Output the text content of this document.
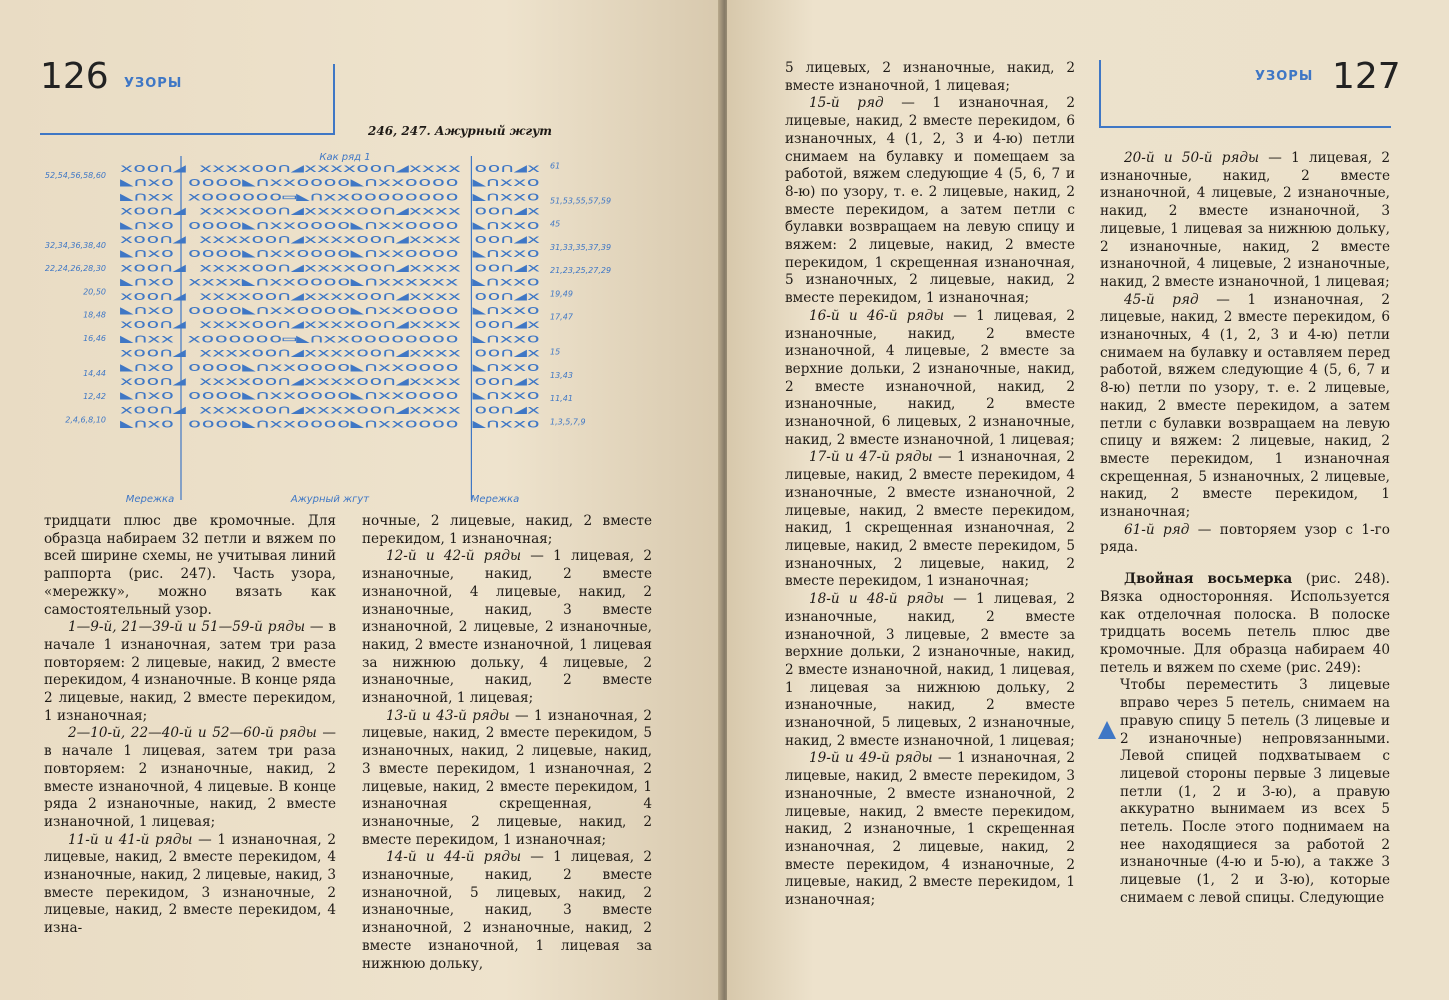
126 УЗОРЫ
246, 247. Ажурный жгут
ⅹoo∩◢ ⅹⅹⅹⅹoo∩◢ⅹⅹⅹⅹoo∩◢ⅹⅹⅹⅹ oo∩◢ⅹ
◣∩ⅹo oooo◣∩ⅹⅹoooo◣∩ⅹⅹoooo ◣∩ⅹⅹo
◣∩ⅹⅹ ⅹoooooo▭◣∩ⅹⅹoooooooo ◣∩ⅹⅹo
ⅹoo∩◢ ⅹⅹⅹⅹoo∩◢ⅹⅹⅹⅹoo∩◢ⅹⅹⅹⅹ oo∩◢ⅹ
◣∩ⅹo oooo◣∩ⅹⅹoooo◣∩ⅹⅹoooo ◣∩ⅹⅹo
ⅹoo∩◢ ⅹⅹⅹⅹoo∩◢ⅹⅹⅹⅹoo∩◢ⅹⅹⅹⅹ oo∩◢ⅹ
◣∩ⅹo oooo◣∩ⅹⅹoooo◣∩ⅹⅹoooo ◣∩ⅹⅹo
ⅹoo∩◢ ⅹⅹⅹⅹoo∩◢ⅹⅹⅹⅹoo∩◢ⅹⅹⅹⅹ oo∩◢ⅹ
◣∩ⅹo ⅹⅹⅹⅹ◣∩ⅹⅹoooo◣∩ⅹⅹⅹⅹⅹⅹ ◣∩ⅹⅹo
ⅹoo∩◢ ⅹⅹⅹⅹoo∩◢ⅹⅹⅹⅹoo∩◢ⅹⅹⅹⅹ oo∩◢ⅹ
◣∩ⅹo oooo◣∩ⅹⅹoooo◣∩ⅹⅹoooo ◣∩ⅹⅹo
ⅹoo∩◢ ⅹⅹⅹⅹoo∩◢ⅹⅹⅹⅹoo∩◢ⅹⅹⅹⅹ oo∩◢ⅹ
◣∩ⅹⅹ ⅹoooooo▭◣∩ⅹⅹoooooooo ◣∩ⅹⅹo
ⅹoo∩◢ ⅹⅹⅹⅹoo∩◢ⅹⅹⅹⅹoo∩◢ⅹⅹⅹⅹ oo∩◢ⅹ
◣∩ⅹo oooo◣∩ⅹⅹoooo◣∩ⅹⅹoooo ◣∩ⅹⅹo
ⅹoo∩◢ ⅹⅹⅹⅹoo∩◢ⅹⅹⅹⅹoo∩◢ⅹⅹⅹⅹ oo∩◢ⅹ
◣∩ⅹo oooo◣∩ⅹⅹoooo◣∩ⅹⅹoooo ◣∩ⅹⅹo
ⅹoo∩◢ ⅹⅹⅹⅹoo∩◢ⅹⅹⅹⅹoo∩◢ⅹⅹⅹⅹ oo∩◢ⅹ
◣∩ⅹo oooo◣∩ⅹⅹoooo◣∩ⅹⅹoooo ◣∩ⅹⅹo
52,54,56,58,60
32,34,36,38,40
22,24,26,28,30
20,50
18,48
16,46
14,44
12,42
2,4,6,8,10
61
51,53,55,57,59
45
31,33,35,37,39
21,23,25,27,29
19,49
17,47
15
13,43
11,41
1,3,5,7,9
Как ряд 1
Мережка	Ажурный жгут	Мережка

тридцати плюс две кромочные. Для образца набираем 32 петли и вяжем по всей ширине схемы, не учитывая линий раппорта (рис. 247). Часть узора, «мережку», можно вязать как самостоятельный узор.

1—9-й, 21—39-й и 51—59-й ряды — в начале 1 изнаночная, затем три раза повторяем: 2 лицевые, накид, 2 вместе перекидом, 4 изнаночные. В конце ряда 2 лицевые, накид, 2 вместе перекидом, 1 изнаночная;

2—10-й, 22—40-й и 52—60-й ряды — в начале 1 лицевая, затем три раза повторяем: 2 изнаночные, накид, 2 вместе изнаночной, 4 лицевые. В конце ряда 2 изнаночные, накид, 2 вместе изнаночной, 1 лицевая;

11-й и 41-й ряды — 1 изнаночная, 2 лицевые, накид, 2 вместе перекидом, 4 изнаночные, накид, 2 лицевые, накид, 3 вместе перекидом, 3 изнаночные, 2 лицевые, накид, 2 вместе перекидом, 4 изна-

ночные, 2 лицевые, накид, 2 вместе перекидом, 1 изнаночная;

12-й и 42-й ряды — 1 лицевая, 2 изнаночные, накид, 2 вместе изнаночной, 4 лицевые, накид, 2 изнаночные, накид, 3 вместе изнаночной, 2 лицевые, 2 изнаночные, накид, 2 вместе изнаночной, 1 лицевая за нижнюю дольку, 4 лицевые, 2 изнаночные, накид, 2 вместе изнаночной, 1 лицевая;

13-й и 43-й ряды — 1 изнаночная, 2 лицевые, накид, 2 вместе перекидом, 5 изнаночных, накид, 2 лицевые, накид, 3 вместе перекидом, 1 изнаночная, 2 лицевые, накид, 2 вместе перекидом, 1 изнаночная скрещенная, 4 изнаночные, 2 лицевые, накид, 2 вместе перекидом, 1 изнаночная;

14-й и 44-й ряды — 1 лицевая, 2 изнаночные, накид, 2 вместе изнаночной, 5 лицевых, накид, 2 изнаночные, накид, 3 вместе изнаночной, 2 изнаночные, накид, 2 вместе изнаночной, 1 лицевая за нижнюю дольку,

127
УЗОРЫ

5 лицевых, 2 изнаночные, накид, 2 вместе изнаночной, 1 лицевая;

15-й ряд — 1 изнаночная, 2 лицевые, накид, 2 вместе перекидом, 6 изнаночных, 4 (1, 2, 3 и 4-ю) петли снимаем на булавку и помещаем за работой, вяжем следующие 4 (5, 6, 7 и 8-ю) по узору, т. е. 2 лицевые, накид, 2 вместе перекидом, а затем петли с булавки возвращаем на левую спицу и вяжем: 2 лицевые, накид, 2 вместе перекидом, 1 скрещенная изнаночная, 5 изнаночных, 2 лицевые, накид, 2 вместе перекидом, 1 изнаночная;

16-й и 46-й ряды — 1 лицевая, 2 изнаночные, накид, 2 вместе изнаночной, 4 лицевые, 2 вместе за верхние дольки, 2 изнаночные, накид, 2 вместе изнаночной, накид, 2 изнаночные, накид, 2 вместе изнаночной, 6 лицевых, 2 изнаночные, накид, 2 вместе изнаночной, 1 лицевая;

17-й и 47-й ряды — 1 изнаночная, 2 лицевые, накид, 2 вместе перекидом, 4 изнаночные, 2 вместе изнаночной, 2 лицевые, накид, 2 вместе перекидом, накид, 1 скрещенная изнаночная, 2 лицевые, накид, 2 вместе перекидом, 5 изнаночных, 2 лицевые, накид, 2 вместе перекидом, 1 изнаночная;

18-й и 48-й ряды — 1 лицевая, 2 изнаночные, накид, 2 вместе изнаночной, 3 лицевые, 2 вместе за верхние дольки, 2 изнаночные, накид, 2 вместе изнаночной, накид, 1 лицевая, 1 лицевая за нижнюю дольку, 2 изнаночные, накид, 2 вместе изнаночной, 5 лицевых, 2 изнаночные, накид, 2 вместе изнаночной, 1 лицевая;

19-й и 49-й ряды — 1 изнаночная, 2 лицевые, накид, 2 вместе перекидом, 3 изнаночные, 2 вместе изнаночной, 2 лицевые, накид, 2 вместе перекидом, накид, 2 изнаночные, 1 скрещенная изнаночная, 2 лицевые, накид, 2 вместе перекидом, 4 изнаночные, 2 лицевые, накид, 2 вместе перекидом, 1 изнаночная;

20-й и 50-й ряды — 1 лицевая, 2 изнаночные, накид, 2 вместе изнаночной, 4 лицевые, 2 изнаночные, накид, 2 вместе изнаночной, 3 лицевые, 1 лицевая за нижнюю дольку, 2 изнаночные, накид, 2 вместе изнаночной, 4 лицевые, 2 изнаночные, накид, 2 вместе изнаночной, 1 лицевая;

45-й ряд — 1 изнаночная, 2 лицевые, накид, 2 вместе перекидом, 6 изнаночных, 4 (1, 2, 3 и 4-ю) петли снимаем на булавку и оставляем перед работой, вяжем следующие 4 (5, 6, 7 и 8-ю) петли по узору, т. е. 2 лицевые, накид, 2 вместе перекидом, а затем петли с булавки возвращаем на левую спицу и вяжем: 2 лицевые, накид, 2 вместе перекидом, 1 изнаночная скрещенная, 5 изнаночных, 2 лицевые, накид, 2 вместе перекидом, 1 изнаночная;

61-й ряд — повторяем узор с 1-го ряда.

Двойная восьмерка (рис. 248). Вязка односторонняя. Используется как отделочная полоска. В полоске тридцать восемь петель плюс две кромочные. Для образца набираем 40 петель и вяжем по схеме (рис. 249):

Чтобы переместить 3 лицевые вправо через 5 петель, снимаем на правую спицу 5 петель (3 лицевые и 2 изнаночные) непровязанными. Левой спицей подхватываем с лицевой стороны первые 3 лицевые петли (1, 2 и 3-ю), а правую аккуратно вынимаем из всех 5 петель. После этого поднимаем на нее находящиеся за работой 2 изнаночные (4-ю и 5-ю), а также 3 лицевые (1, 2 и 3-ю), которые снимаем с левой спицы. Следующие
